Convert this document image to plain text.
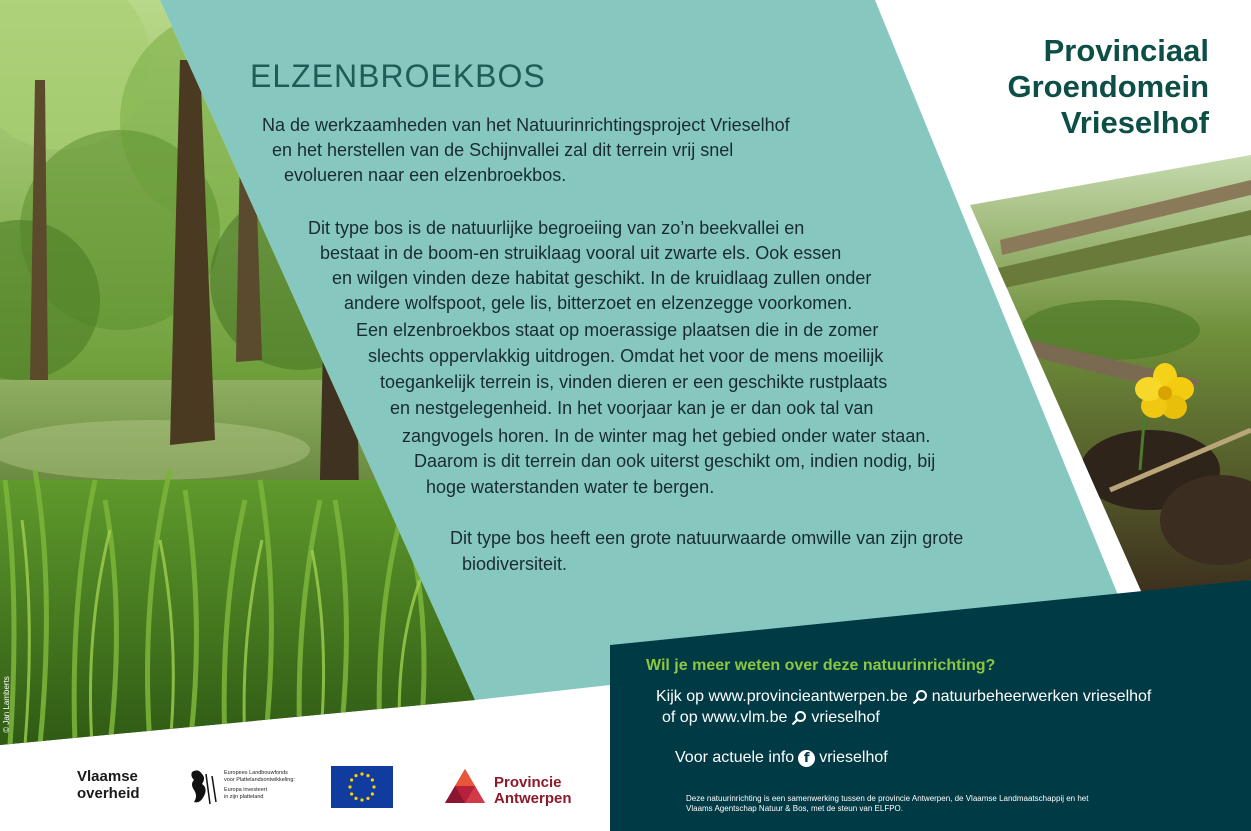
ELZENBROEKBOS
Na de werkzaamheden van het Natuurinrichtingsproject Vrieselhof
en het herstellen van de Schijnvallei zal dit terrein vrij snel
evolueren naar een elzenbroekbos.
Dit type bos is de natuurlijke begroeiing van zo’n beekvallei en
bestaat in de boom-en struiklaag vooral uit zwarte els. Ook essen
en wilgen vinden deze habitat geschikt. In de kruidlaag zullen onder
andere wolfspoot, gele lis, bitterzoet en elzenzegge voorkomen.
Een elzenbroekbos staat op moerassige plaatsen die in de zomer
slechts oppervlakkig uitdrogen. Omdat het voor de mens moeilijk
toegankelijk terrein is, vinden dieren er een geschikte rustplaats
en nestgelegenheid. In het voorjaar kan je er dan ook tal van
zangvogels horen. In de winter mag het gebied onder water staan.
Daarom is dit terrein dan ook uiterst geschikt om, indien nodig, bij
hoge waterstanden water te bergen.
Dit type bos heeft een grote natuurwaarde omwille van zijn grote
biodiversiteit.
Provinciaal
Groendomein
Vrieselhof
Wil je meer weten over deze natuurinrichting?
Kijk op www.provincieantwerpen.be natuurbeheerwerken vrieselhof
of op www.vlm.be vrieselhof
Voor actuele info f vrieselhof
Deze natuurinrichting is een samenwerking tussen de provincie Antwerpen, de Vlaamse Landmaatschappij en het
Vlaams Agentschap Natuur & Bos, met de steun van ELFPO.
© Jan Lamberts
Vlaamse
overheid
Europees Landbouwfonds
voor Plattelandsontwikkeling:
Europa investeert
in zijn platteland
Provincie
Antwerpen
